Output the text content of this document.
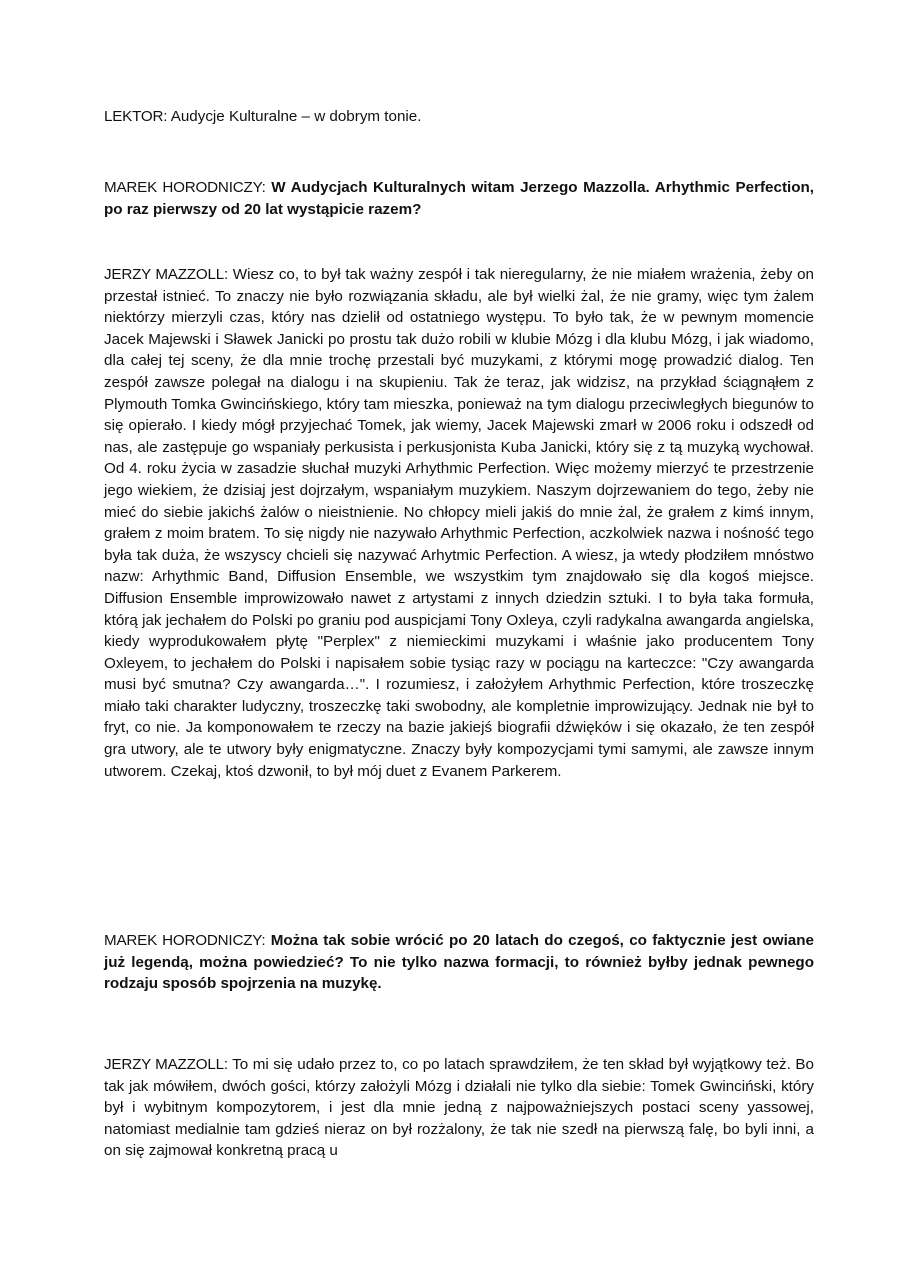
LEKTOR: Audycje Kulturalne – w dobrym tonie.

MAREK HORODNICZY: W Audycjach Kulturalnych witam Jerzego Mazzolla. Arhythmic Perfection, po raz pierwszy od 20 lat wystąpicie razem?

JERZY MAZZOLL: Wiesz co, to był tak ważny zespół i tak nieregularny, że nie miałem wrażenia, żeby on przestał istnieć. To znaczy nie było rozwiązania składu, ale był wielki żal, że nie gramy, więc tym żalem niektórzy mierzyli czas, który nas dzielił od ostatniego występu. To było tak, że w pewnym momencie Jacek Majewski i Sławek Janicki po prostu tak dużo robili w klubie Mózg i dla klubu Mózg, i jak wiadomo, dla całej tej sceny, że dla mnie trochę przestali być muzykami, z którymi mogę prowadzić dialog. Ten zespół zawsze polegał na dialogu i na skupieniu. Tak że teraz, jak widzisz, na przykład ściągnąłem z Plymouth Tomka Gwincińskiego, który tam mieszka, ponieważ na tym dialogu przeciwległych biegunów to się opierało. I kiedy mógł przyjechać Tomek, jak wiemy, Jacek Majewski zmarł w 2006 roku i odszedł od nas, ale zastępuje go wspaniały perkusista i perkusjonista Kuba Janicki, który się z tą muzyką wychował. Od 4. roku życia w zasadzie słuchał muzyki Arhythmic Perfection. Więc możemy mierzyć te przestrzenie jego wiekiem, że dzisiaj jest dojrzałym, wspaniałym muzykiem. Naszym dojrzewaniem do tego, żeby nie mieć do siebie jakichś żalów o nieistnienie. No chłopcy mieli jakiś do mnie żal, że grałem z kimś innym, grałem z moim bratem. To się nigdy nie nazywało Arhythmic Perfection, aczkolwiek nazwa i nośność tego była tak duża, że wszyscy chcieli się nazywać Arhytmic Perfection. A wiesz, ja wtedy płodziłem mnóstwo nazw: Arhythmic Band, Diffusion Ensemble, we wszystkim tym znajdowało się dla kogoś miejsce. Diffusion Ensemble improwizowało nawet z artystami z innych dziedzin sztuki. I to była taka formuła, którą jak jechałem do Polski po graniu pod auspicjami Tony Oxleya, czyli radykalna awangarda angielska, kiedy wyprodukowałem płytę "Perplex" z niemieckimi muzykami i właśnie jako producentem Tony Oxleyem, to jechałem do Polski i napisałem sobie tysiąc razy w pociągu na karteczce: "Czy awangarda musi być smutna? Czy awangarda…". I rozumiesz, i założyłem Arhythmic Perfection, które troszeczkę miało taki charakter ludyczny, troszeczkę taki swobodny, ale kompletnie improwizujący. Jednak nie był to fryt, co nie. Ja komponowałem te rzeczy na bazie jakiejś biografii dźwięków i się okazało, że ten zespół gra utwory, ale te utwory były enigmatyczne. Znaczy były kompozycjami tymi samymi, ale zawsze innym utworem. Czekaj, ktoś dzwonił, to był mój duet z Evanem Parkerem.

MAREK HORODNICZY: Można tak sobie wrócić po 20 latach do czegoś, co faktycznie jest owiane już legendą, można powiedzieć? To nie tylko nazwa formacji, to również byłby jednak pewnego rodzaju sposób spojrzenia na muzykę.

JERZY MAZZOLL: To mi się udało przez to, co po latach sprawdziłem, że ten skład był wyjątkowy też. Bo tak jak mówiłem, dwóch gości, którzy założyli Mózg i działali nie tylko dla siebie: Tomek Gwinciński, który był i wybitnym kompozytorem, i jest dla mnie jedną z najpoważniejszych postaci sceny yassowej, natomiast medialnie tam gdzieś nieraz on był rozżalony, że tak nie szedł na pierwszą falę, bo byli inni, a on się zajmował konkretną pracą u
